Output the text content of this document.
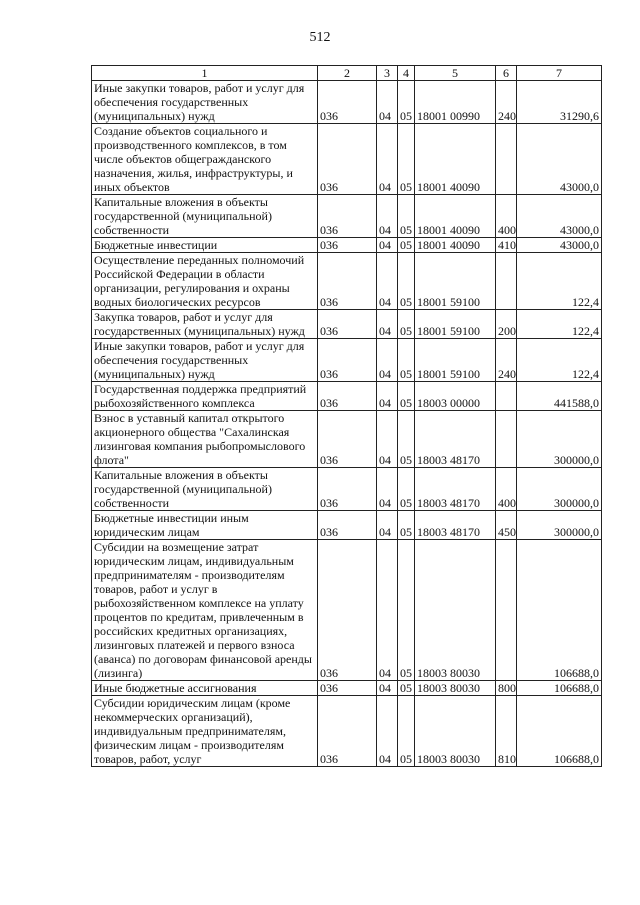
512
1	2	3	4	5	6	7
Иные закупки товаров, работ и услуг для обеспечения государственных (муниципальных) нужд	036	04	05	18001 00990	240	31290,6
Создание объектов социального и производственного комплексов, в том числе объектов общегражданского назначения, жилья, инфраструктуры, и иных объектов	036	04	05	18001 40090		43000,0
Капитальные вложения в объекты государственной (муниципальной) собственности	036	04	05	18001 40090	400	43000,0
Бюджетные инвестиции	036	04	05	18001 40090	410	43000,0
Осуществление переданных полномочий Российской Федерации в области организации, регулирования и охраны водных биологических ресурсов	036	04	05	18001 59100		122,4
Закупка товаров, работ и услуг для государственных (муниципальных) нужд	036	04	05	18001 59100	200	122,4
Иные закупки товаров, работ и услуг для обеспечения государственных (муниципальных) нужд	036	04	05	18001 59100	240	122,4
Государственная поддержка предприятий рыбохозяйственного комплекса	036	04	05	18003 00000		441588,0
Взнос в уставный капитал открытого акционерного общества "Сахалинская лизинговая компания рыбопромыслового флота"	036	04	05	18003 48170		300000,0
Капитальные вложения в объекты государственной (муниципальной) собственности	036	04	05	18003 48170	400	300000,0
Бюджетные инвестиции иным юридическим лицам	036	04	05	18003 48170	450	300000,0
Субсидии на возмещение затрат юридическим лицам, индивидуальным предпринимателям - производителям товаров, работ и услуг в рыбохозяйственном комплексе на уплату процентов по кредитам, привлеченным в российских кредитных организациях, лизинговых платежей и первого взноса (аванса) по договорам финансовой аренды (лизинга)	036	04	05	18003 80030		106688,0
Иные бюджетные ассигнования	036	04	05	18003 80030	800	106688,0
Субсидии юридическим лицам (кроме некоммерческих организаций), индивидуальным предпринимателям, физическим лицам - производителям товаров, работ, услуг	036	04	05	18003 80030	810	106688,0
